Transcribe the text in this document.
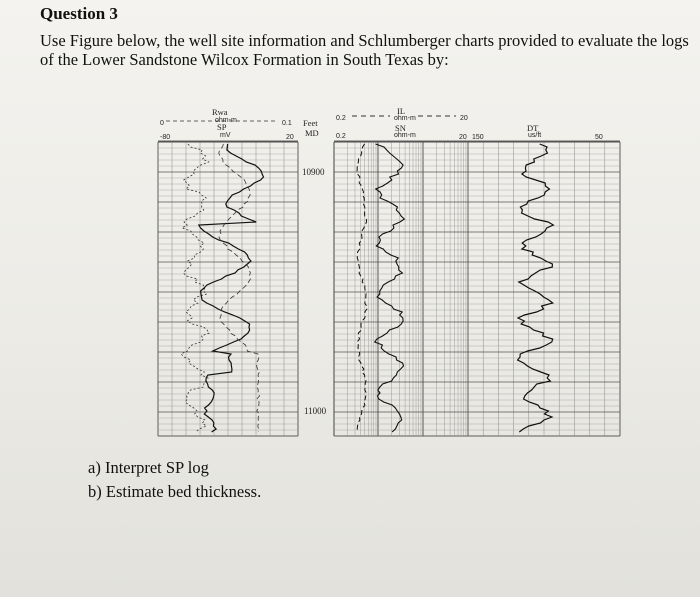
Question 3
Use Figure below, the well site information and Schlumberger charts provided to evaluate the logs of the Lower Sandstone Wilcox Formation in South Texas by:
Rwa
ohm-m
0	0.1
SP
mV
-80	20
Feet
MD
10900
11000
0.2
0.2
IL
ohm-m	20
SN
ohm-m	20
DT
us/ft
150	50
a) Interpret SP log
b) Estimate bed thickness.
